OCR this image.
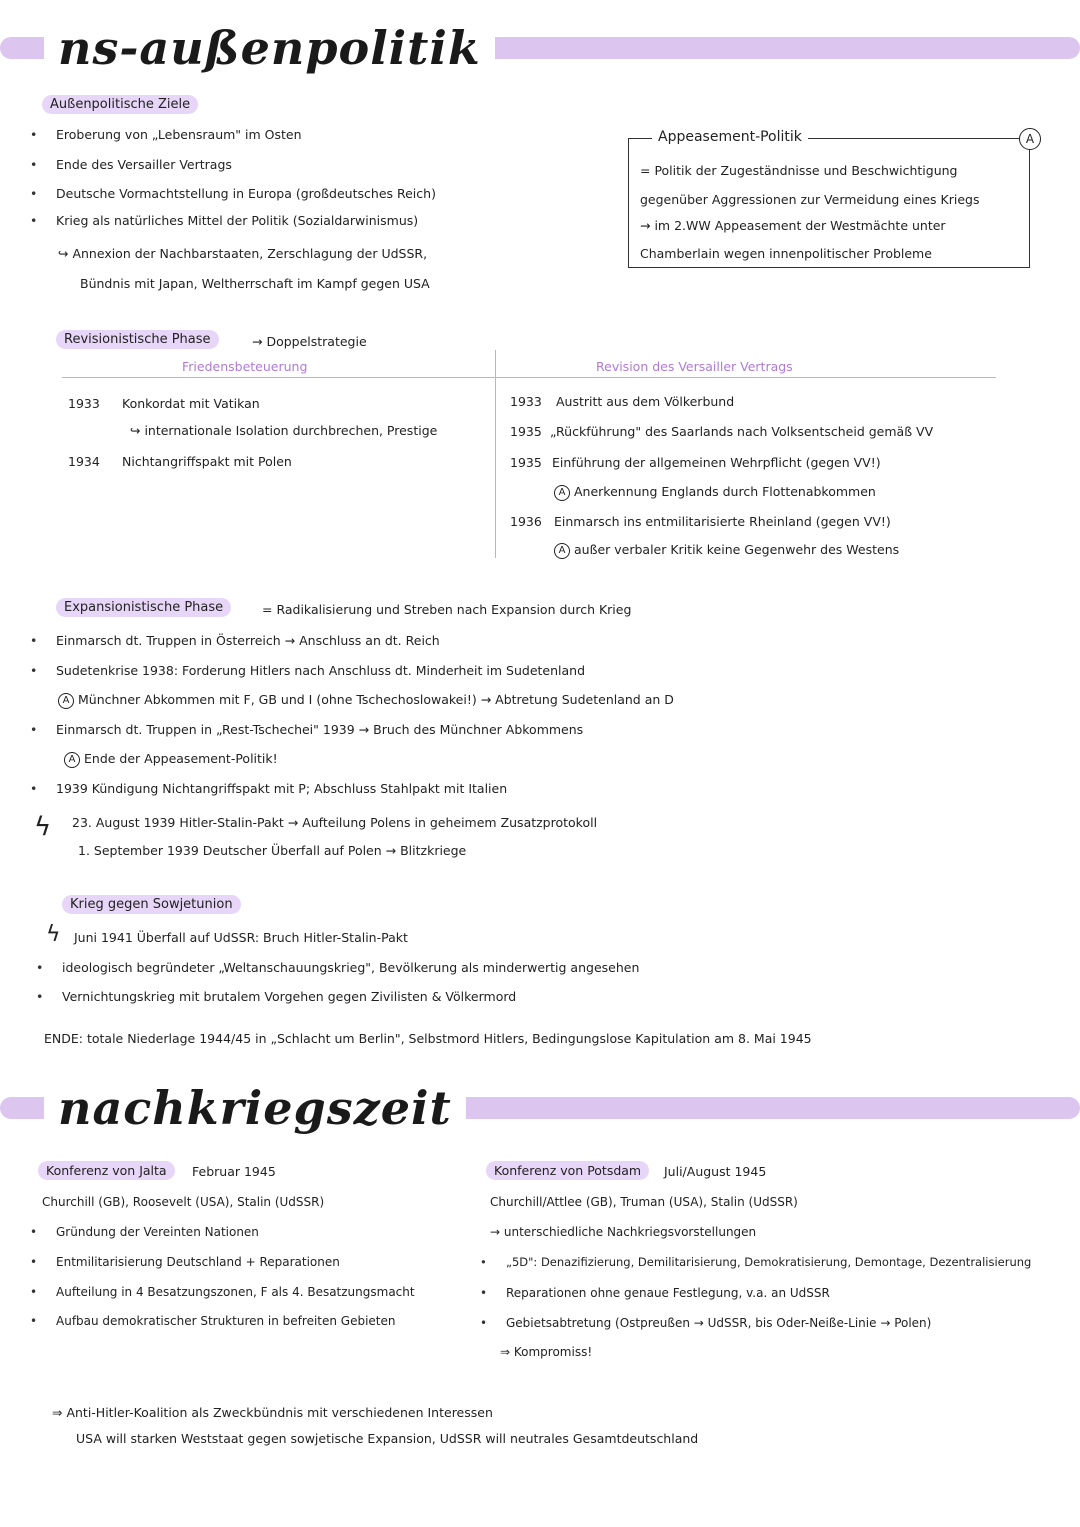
ns-außenpolitik
Außenpolitische Ziele
• Eroberung von „Lebensraum" im Osten
• Ende des Versailler Vertrags
• Deutsche Vormachtstellung in Europa (großdeutsches Reich)
• Krieg als natürliches Mittel der Politik (Sozialdarwinismus)
↪ Annexion der Nachbarstaaten, Zerschlagung der UdSSR,
Bündnis mit Japan, Weltherrschaft im Kampf gegen USA
Appeasement-Politik	A
= Politik der Zugeständnisse und Beschwichtigung
gegenüber Aggressionen zur Vermeidung eines Kriegs
→ im 2.WW Appeasement der Westmächte unter
Chamberlain wegen innenpolitischer Probleme
Revisionistische Phase	→ Doppelstrategie
Friedensbeteuerung	Revision des Versailler Vertrags
1933 Konkordat mit Vatikan
↪ internationale Isolation durchbrechen, Prestige
1934 Nichtangriffspakt mit Polen
1933 Austritt aus dem Völkerbund
1935 „Rückführung" des Saarlands nach Volksentscheid gemäß VV
1935 Einführung der allgemeinen Wehrpflicht (gegen VV!)
A Anerkennung Englands durch Flottenabkommen
1936 Einmarsch ins entmilitarisierte Rheinland (gegen VV!)
A außer verbaler Kritik keine Gegenwehr des Westens
Expansionistische Phase	= Radikalisierung und Streben nach Expansion durch Krieg
• Einmarsch dt. Truppen in Österreich → Anschluss an dt. Reich
• Sudetenkrise 1938: Forderung Hitlers nach Anschluss dt. Minderheit im Sudetenland
A Münchner Abkommen mit F, GB und I (ohne Tschechoslowakei!) → Abtretung Sudetenland an D
• Einmarsch dt. Truppen in „Rest-Tschechei" 1939 → Bruch des Münchner Abkommens
A Ende der Appeasement-Politik!
• 1939 Kündigung Nichtangriffspakt mit P; Abschluss Stahlpakt mit Italien
ϟ 23. August 1939 Hitler-Stalin-Pakt → Aufteilung Polens in geheimem Zusatzprotokoll
1. September 1939 Deutscher Überfall auf Polen → Blitzkriege
Krieg gegen Sowjetunion
ϟ Juni 1941 Überfall auf UdSSR: Bruch Hitler-Stalin-Pakt
• ideologisch begründeter „Weltanschauungskrieg", Bevölkerung als minderwertig angesehen
• Vernichtungskrieg mit brutalem Vorgehen gegen Zivilisten & Völkermord
ENDE: totale Niederlage 1944/45 in „Schlacht um Berlin", Selbstmord Hitlers, Bedingungslose Kapitulation am 8. Mai 1945
nachkriegszeit
Konferenz von Jalta	Februar 1945
Churchill (GB), Roosevelt (USA), Stalin (UdSSR)
• Gründung der Vereinten Nationen
• Entmilitarisierung Deutschland + Reparationen
• Aufteilung in 4 Besatzungszonen, F als 4. Besatzungsmacht
• Aufbau demokratischer Strukturen in befreiten Gebieten
Konferenz von Potsdam	Juli/August 1945
Churchill/Attlee (GB), Truman (USA), Stalin (UdSSR)
→ unterschiedliche Nachkriegsvorstellungen
• „5D": Denazifizierung, Demilitarisierung, Demokratisierung, Demontage, Dezentralisierung
• Reparationen ohne genaue Festlegung, v.a. an UdSSR
• Gebietsabtretung (Ostpreußen → UdSSR, bis Oder-Neiße-Linie → Polen)
⇒ Kompromiss!
⇒ Anti-Hitler-Koalition als Zweckbündnis mit verschiedenen Interessen
USA will starken Weststaat gegen sowjetische Expansion, UdSSR will neutrales Gesamtdeutschland
